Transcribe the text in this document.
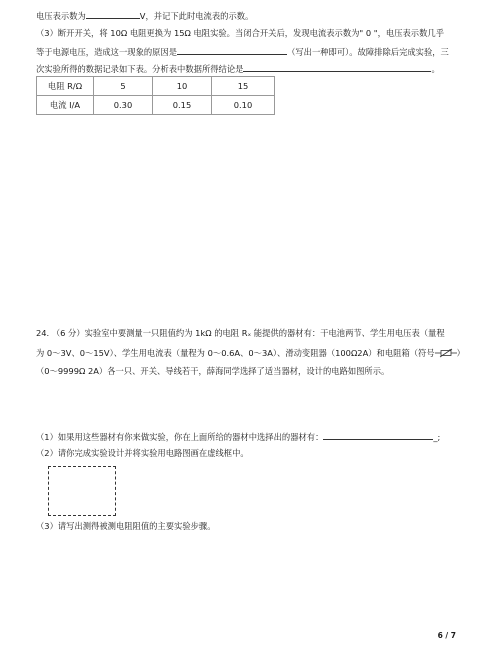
电压表示数为	V，并记下此时电流表的示数。
（3）断开开关，将 10Ω 电阻更换为 15Ω 电阻实验。当闭合开关后，发现电流表示数为" 0 "，电压表示数几乎
等于电源电压，造成这一现象的原因是	（写出一种即可）。故障排除后完成实验，三
次实验所得的数据记录如下表。分析表中数据所得结论是	。
电阻 R/Ω	5	10	15
电流 I/A	0.30	0.15	0.10
24. （6 分）实验室中要测量一只阻值约为 1kΩ 的电阻 Rₓ 能提供的器材有：干电池两节、学生用电压表（量程
为 0～3V、0～15V）、学生用电流表（量程为 0～0.6A、0～3A）、滑动变阻器（100Ω2A）和电阻箱（符号	）
（0～9999Ω 2A）各一只、开关、导线若干，薛海同学选择了适当器材，设计的电路如图所示。
（1）如果用这些器材有你来做实验，你在上面所给的器材中选择出的器材有：	_;
（2）请你完成实验设计并将实验用电路图画在虚线框中。
（3）请写出测得被测电阻阻值的主要实验步骤。
6 / 7
